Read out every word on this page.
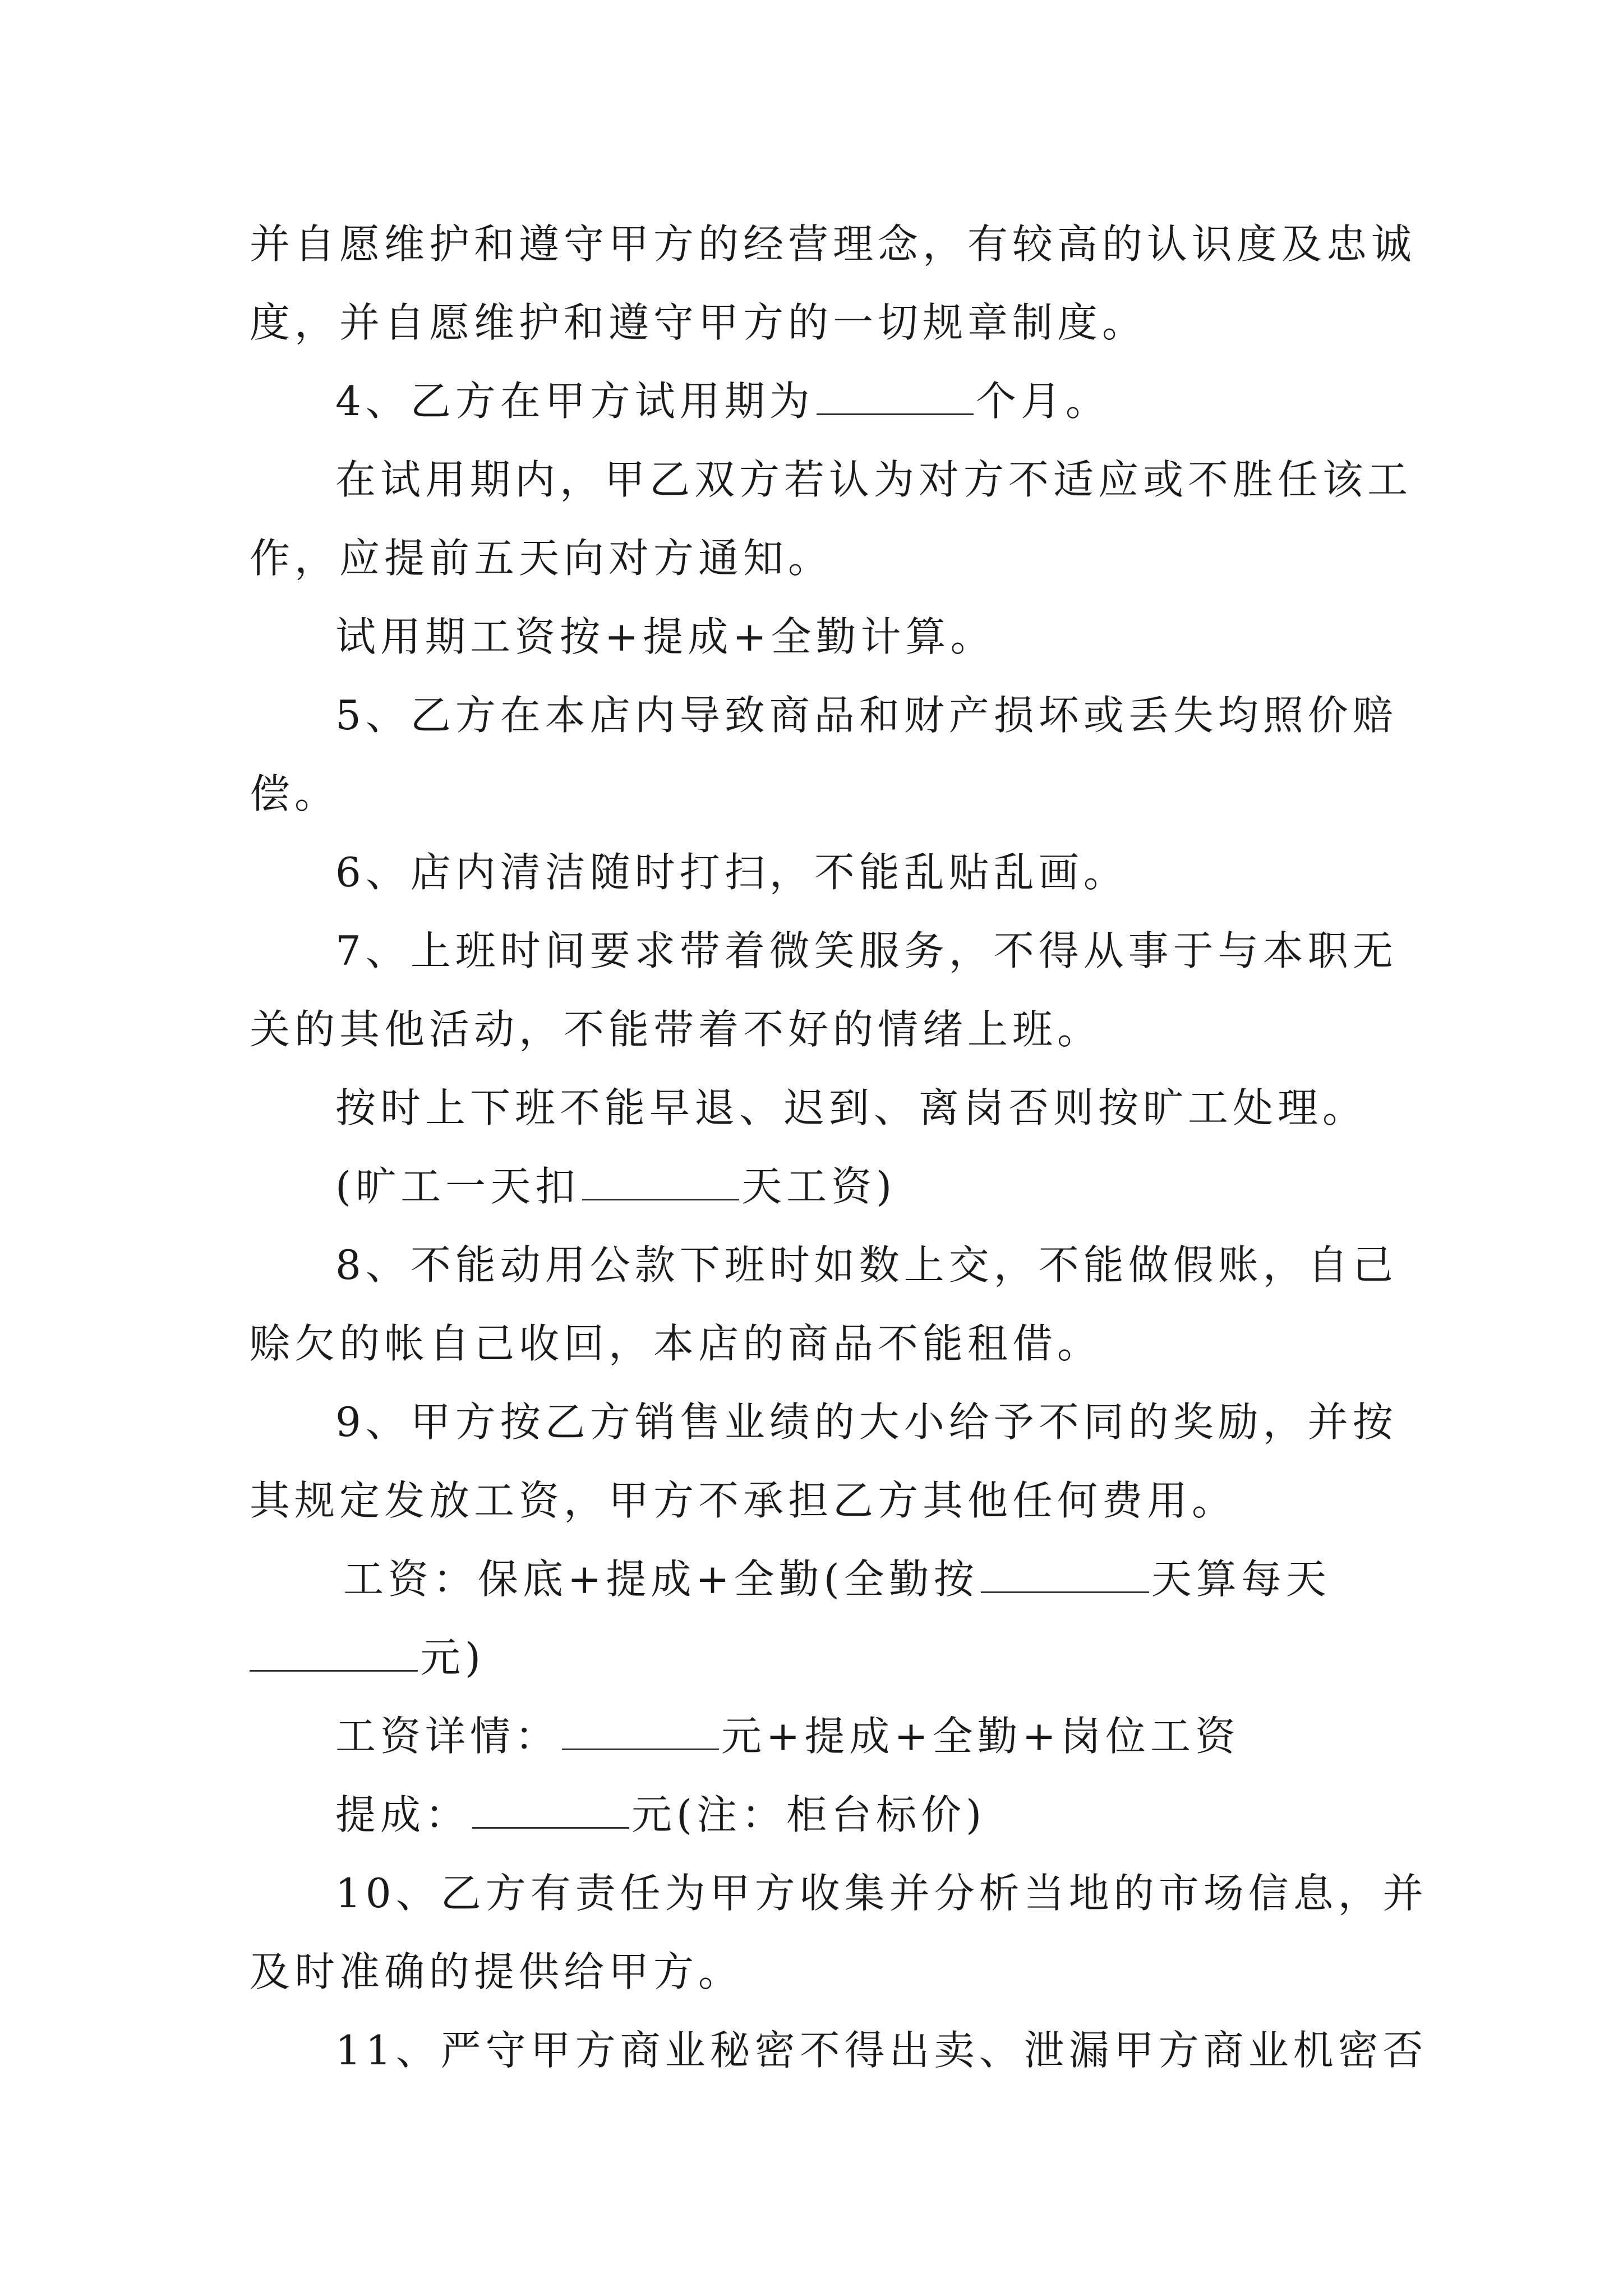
并自愿维护和遵守甲方的经营理念，有较高的认识度及忠诚
度，并自愿维护和遵守甲方的一切规章制度。
4、乙方在甲方试用期为	个月。
在试用期内，甲乙双方若认为对方不适应或不胜任该工
作，应提前五天向对方通知。
试用期工资按+提成+全勤计算。
5、乙方在本店内导致商品和财产损坏或丢失均照价赔
偿。
6、店内清洁随时打扫，不能乱贴乱画。
7、上班时间要求带着微笑服务，不得从事于与本职无
关的其他活动，不能带着不好的情绪上班。
按时上下班不能早退、迟到、离岗否则按旷工处理。
(旷工一天扣	天工资)
8、不能动用公款下班时如数上交，不能做假账，自己
赊欠的帐自己收回，本店的商品不能租借。
9、甲方按乙方销售业绩的大小给予不同的奖励，并按
其规定发放工资，甲方不承担乙方其他任何费用。
工资：保底+提成+全勤(全勤按	天算每天
元)
工资详情：	元+提成+全勤+岗位工资
提成：	元(注：柜台标价)
10、乙方有责任为甲方收集并分析当地的市场信息，并
及时准确的提供给甲方。
11、严守甲方商业秘密不得出卖、泄漏甲方商业机密否
